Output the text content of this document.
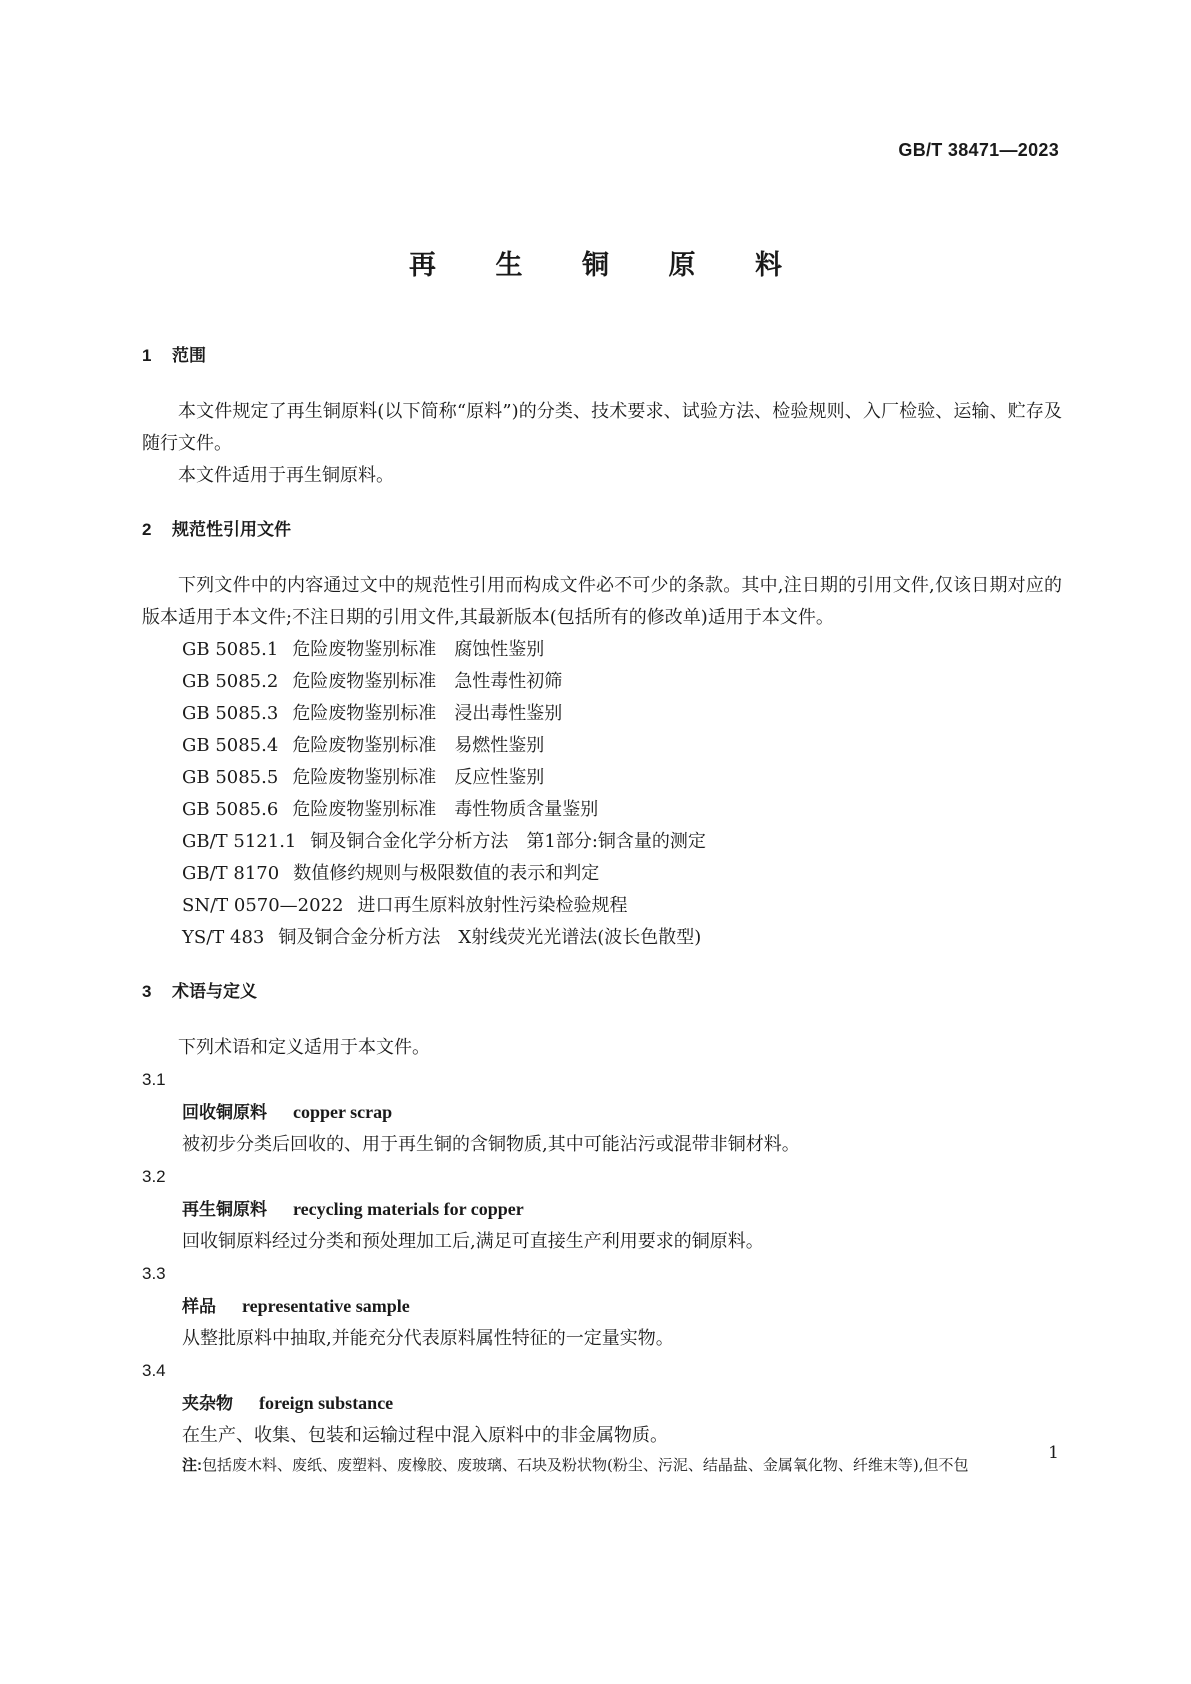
GB/T 38471—2023
再 生 铜 原 料
1 范围

本文件规定了再生铜原料(以下简称“原料”)的分类、技术要求、试验方法、检验规则、入厂检验、运输、贮存及随行文件。

本文件适用于再生铜原料。

2 规范性引用文件

下列文件中的内容通过文中的规范性引用而构成文件必不可少的条款。其中,注日期的引用文件,仅该日期对应的版本适用于本文件;不注日期的引用文件,其最新版本(包括所有的修改单)适用于本文件。

GB 5085.1 危险废物鉴别标准 腐蚀性鉴别
GB 5085.2 危险废物鉴别标准 急性毒性初筛
GB 5085.3 危险废物鉴别标准 浸出毒性鉴别
GB 5085.4 危险废物鉴别标准 易燃性鉴别
GB 5085.5 危险废物鉴别标准 反应性鉴别
GB 5085.6 危险废物鉴别标准 毒性物质含量鉴别
GB/T 5121.1 铜及铜合金化学分析方法 第1部分:铜含量的测定
GB/T 8170 数值修约规则与极限数值的表示和判定
SN/T 0570—2022 进口再生原料放射性污染检验规程
YS/T 483 铜及铜合金分析方法 X射线荧光光谱法(波长色散型)
3 术语与定义

下列术语和定义适用于本文件。

3.1
回收铜原料 copper scrap
被初步分类后回收的、用于再生铜的含铜物质,其中可能沾污或混带非铜材料。
3.2
再生铜原料 recycling materials for copper
回收铜原料经过分类和预处理加工后,满足可直接生产利用要求的铜原料。
3.3
样品 representative sample
从整批原料中抽取,并能充分代表原料属性特征的一定量实物。
3.4
夹杂物 foreign substance
在生产、收集、包装和运输过程中混入原料中的非金属物质。
注:包括废木料、废纸、废塑料、废橡胶、废玻璃、石块及粉状物(粉尘、污泥、结晶盐、金属氧化物、纤维末等),但不包
1
